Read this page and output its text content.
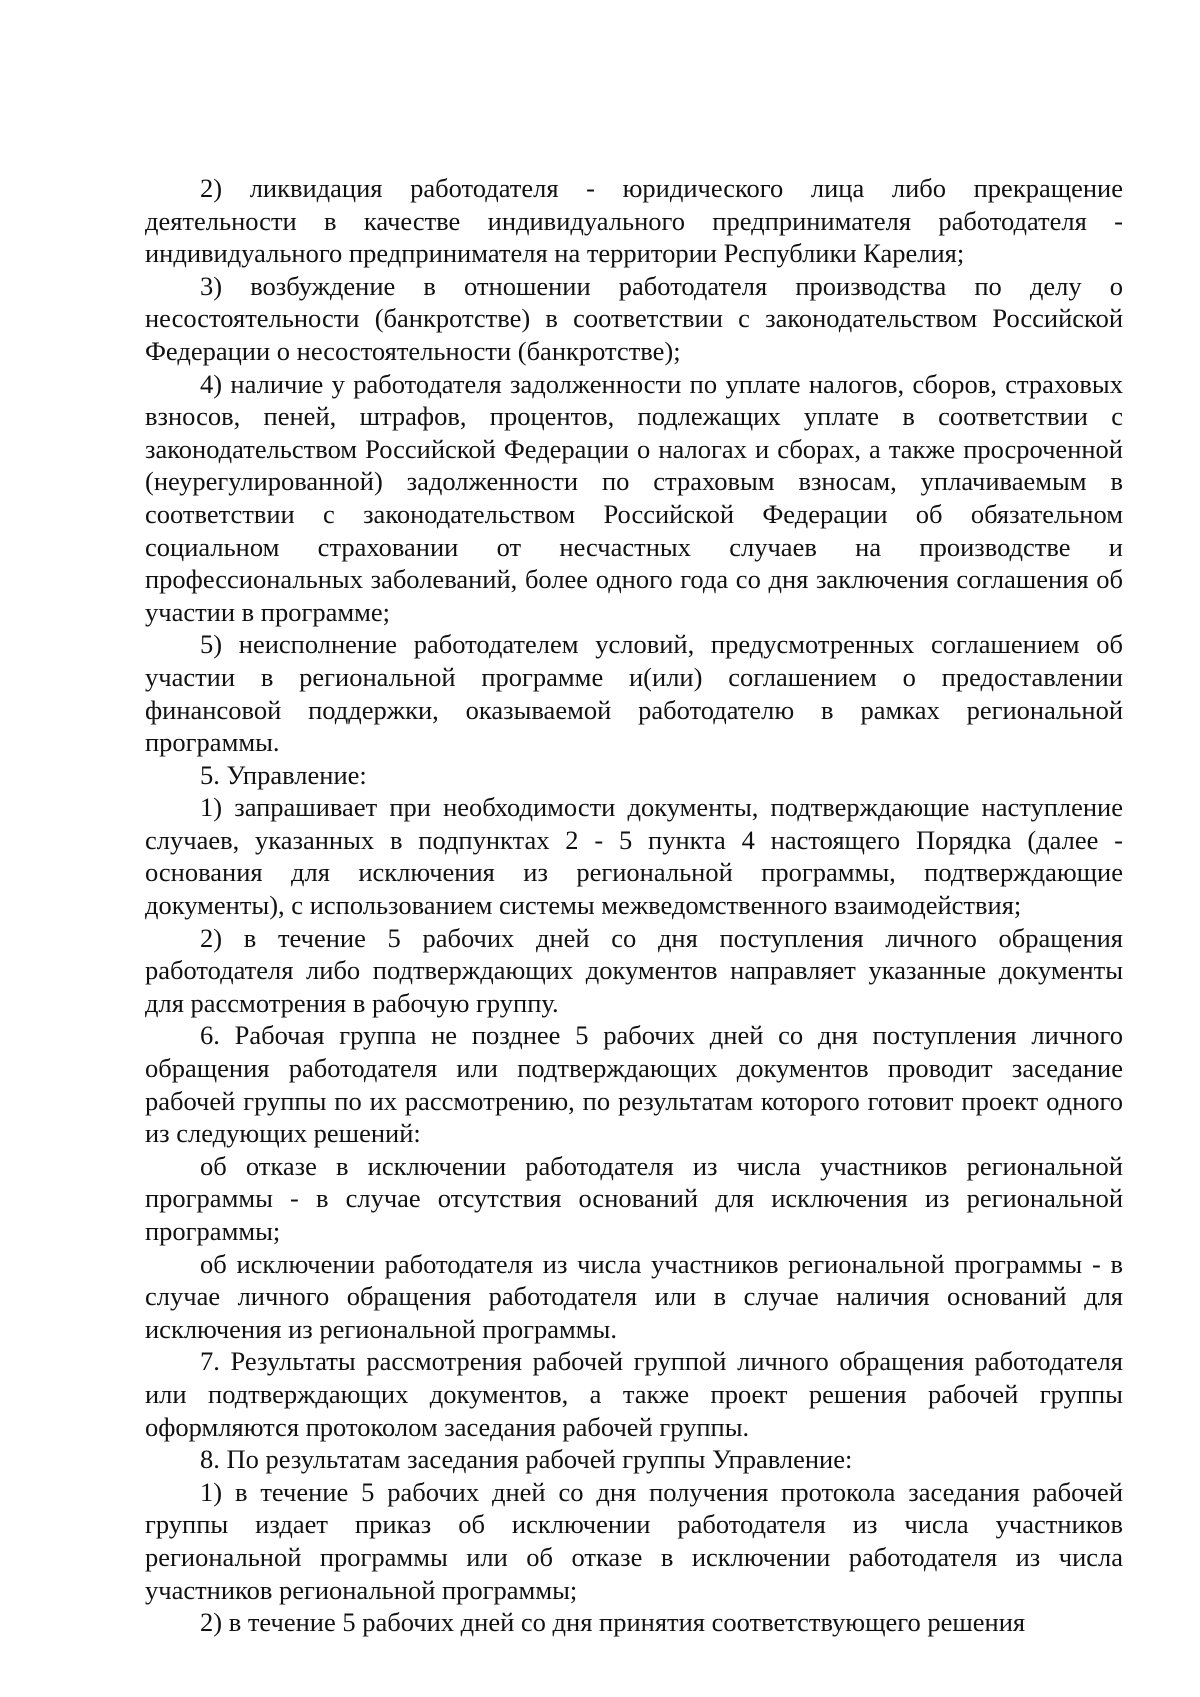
2) ликвидация работодателя - юридического лица либо прекращение деятельности в качестве индивидуального предпринимателя работодателя - индивидуального предпринимателя на территории Республики Карелия;

3) возбуждение в отношении работодателя производства по делу о несостоятельности (банкротстве) в соответствии с законодательством Российской Федерации о несостоятельности (банкротстве);

4) наличие у работодателя задолженности по уплате налогов, сборов, страховых взносов, пеней, штрафов, процентов, подлежащих уплате в соответствии с законодательством Российской Федерации о налогах и сборах, а также просроченной (неурегулированной) задолженности по страховым взносам, уплачиваемым в соответствии с законодательством Российской Федерации об обязательном социальном страховании от несчастных случаев на производстве и профессиональных заболеваний, более одного года со дня заключения соглашения об участии в программе;

5) неисполнение работодателем условий, предусмотренных соглашением об участии в региональной программе и(или) соглашением о предоставлении финансовой поддержки, оказываемой работодателю в рамках региональной программы.

5. Управление:

1) запрашивает при необходимости документы, подтверждающие наступление случаев, указанных в подпунктах 2 - 5 пункта 4 настоящего Порядка (далее - основания для исключения из региональной программы, подтверждающие документы), с использованием системы межведомственного взаимодействия;

2) в течение 5 рабочих дней со дня поступления личного обращения работодателя либо подтверждающих документов направляет указанные документы для рассмотрения в рабочую группу.

6. Рабочая группа не позднее 5 рабочих дней со дня поступления личного обращения работодателя или подтверждающих документов проводит заседание рабочей группы по их рассмотрению, по результатам которого готовит проект одного из следующих решений:

об отказе в исключении работодателя из числа участников региональной программы - в случае отсутствия оснований для исключения из региональной программы;

об исключении работодателя из числа участников региональной программы - в случае личного обращения работодателя или в случае наличия оснований для исключения из региональной программы.

7. Результаты рассмотрения рабочей группой личного обращения работодателя или подтверждающих документов, а также проект решения рабочей группы оформляются протоколом заседания рабочей группы.

8. По результатам заседания рабочей группы Управление:

1) в течение 5 рабочих дней со дня получения протокола заседания рабочей группы издает приказ об исключении работодателя из числа участников региональной программы или об отказе в исключении работодателя из числа участников региональной программы;

2) в течение 5 рабочих дней со дня принятия соответствующего решения
